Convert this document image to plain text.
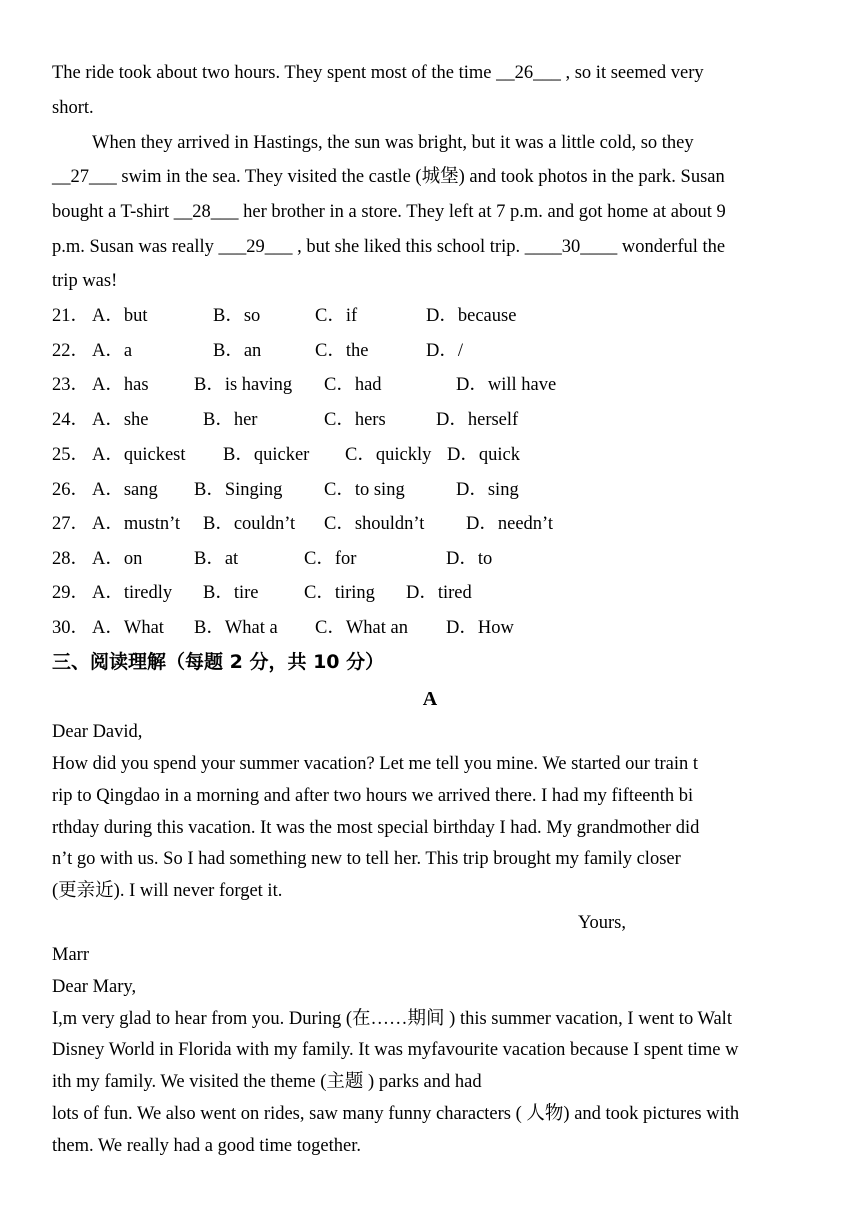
The ride took about two hours. They spent most of the time __26___ , so it seemed very
short.
When they arrived in Hastings, the sun was bright, but it was a little cold, so they
__27___ swim in the sea. They visited the castle (城堡) and took photos in the park. Susan
bought a T-shirt __28___ her brother in a store. They left at 7 p.m. and got home at about 9
p.m. Susan was really ___29___ , but she liked this school trip. ____30____ wonderful the
trip was!
21． A．but	B．so	C．if	D．because
22． A．a	B．an	C．the	D．/
23． A．has B．is having C．had	D．will have
24． A．she	B．her	C．hers	D．herself
25． A．quickest B．quicker C．quickly D．quick
26． A．sang B．Singing C．to sing	D．sing
27． A．mustn’t B．couldn’t C．shouldn’t D．needn’t
28． A．on	B．at	C．for	D．to
29． A．tiredly B．tire C．tiring D．tired
30． A．What B．What a C．What an D．How
三、阅读理解（每题 2 分，共 10 分）
A
Dear David,
How did you spend your summer vacation? Let me tell you mine. We started our train t
rip to Qingdao in a morning and after two hours we arrived there. I had my fifteenth bi
rthday during this vacation. It was the most special birthday I had. My grandmother did
n’t go with us. So I had something new to tell her. This trip brought my family closer
(更亲近). I will never forget it.
Yours,
Marr
Dear Mary,
I,m very glad to hear from you. During (在……期间 ) this summer vacation, I went to Walt
Disney World in Florida with my family. It was myfavourite vacation because I spent time w
ith my family. We visited the theme (主题 ) parks and had
lots of fun. We also went on rides, saw many funny characters ( 人物) and took pictures with
them. We really had a good time together.
